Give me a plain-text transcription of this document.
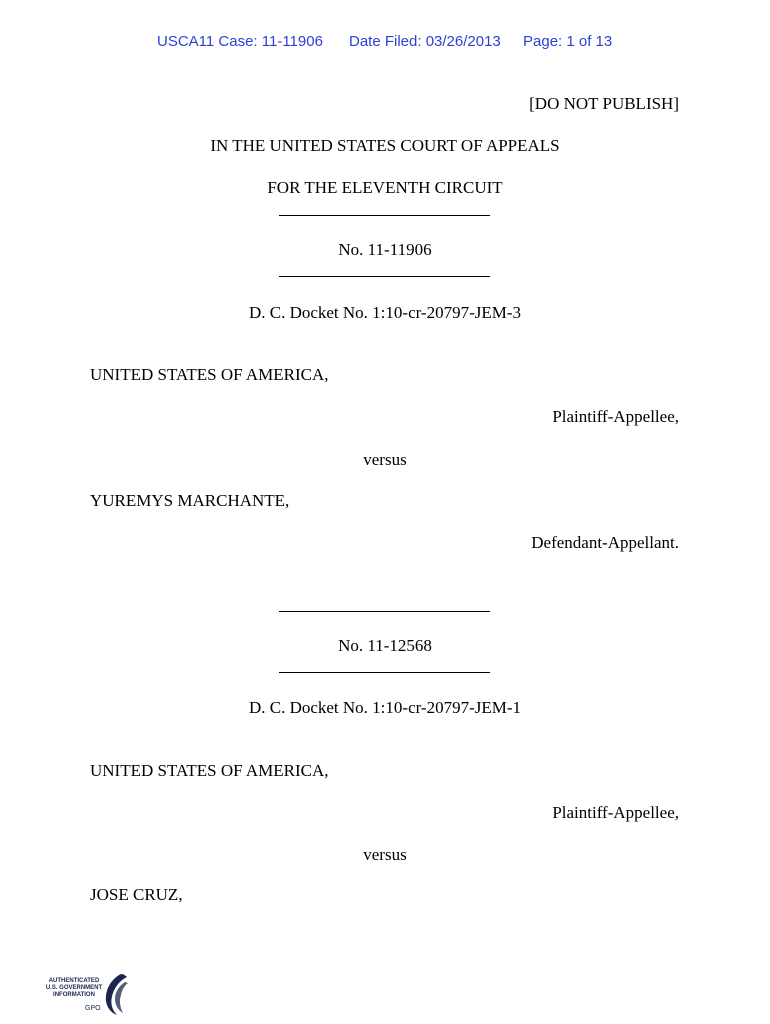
USCA11 Case: 11-11906 Date Filed: 03/26/2013 Page: 1 of 13
[DO NOT PUBLISH]
IN THE UNITED STATES COURT OF APPEALS
FOR THE ELEVENTH CIRCUIT
No. 11-11906
D. C. Docket No. 1:10-cr-20797-JEM-3
UNITED STATES OF AMERICA,
Plaintiff-Appellee,
versus
YUREMYS MARCHANTE,
Defendant-Appellant.
No. 11-12568
D. C. Docket No. 1:10-cr-20797-JEM-1
UNITED STATES OF AMERICA,
Plaintiff-Appellee,
versus
JOSE CRUZ,
AUTHENTICATED
U.S. GOVERNMENT
INFORMATION
GPO
